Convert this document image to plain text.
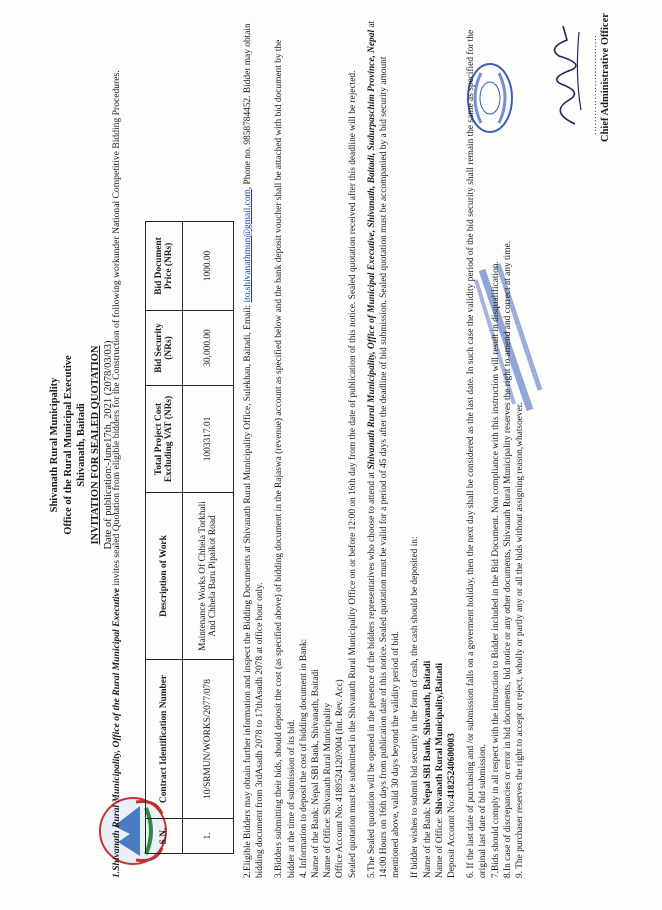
Shivanath Rural Municipality Office of the Rural Municipal Executive Shivanath, Baitadi INVITATION FOR SEALED QUOTATION Date of publication:-June17th, 2021 (2078/03/03)
1.Shivanath Rural Municipality, Office of the Rural Municipal Executive invites sealed Quotation from eligible bidders for the Construction of following workunder National Competitive Bidding Procedures.
S.N.	Contract Identification Number	Description of Work	Total Project Cost Excluding VAT (NRs)	Bid Security (NRs)	Bid Document Price (NRs)
1.	10/SRMUN/WORKS/2077/078	Maintenance Works Of Chhela Torkhali And Chhela Baru Pipalkot Road	1003317.01	30,000.00	1000.00

2.Eligible Bidders may obtain further information and inspect the Bidding Documents at Shivanath Rural Municipality Office, Sulekhan, Baitadi, Email: ito.shivanathmun@gmail.com, Phone no. 9858784452. Bidder may obtain bidding document from 3rdAsadh 2078 to 17thAsadh 2078 at office hour only. 3.Bidders submitting their bids, should deposit the cost (as specified above) of bidding document in the Rajaswa (revenue) account as specified below and the bank deposit voucher shall be attached with bid document by the bidder at the time of submission of its bid. 4. Information to deposit the cost of bidding document in Bank: Name of the Bank: Nepal SBI Bank, Shivanath, Baitadi Name of Office: Shivanath Rural Municipality Office Account No: 4189524120?004 (Int. Rev. Acc) Sealed quotation must be submitted in the Shivanath Rural Municipality Office on or before 12:00 on 16th day from the date of publication of this notice. Sealed quotation received after this deadline will be rejected. 5.The Sealed quotation will be opened in the presence of the bidders representatives who choose to attend at Shivanath Rural Municipality, Office of Municipal Executive, Shivanath, Baitadi, Sudurpaschim Province, Nepal at 14:00 Hours on 16th days from publication date of this notice. Sealed quotation must be valid for a period of 45 days after the deadline of bid submission. Sealed quotation must be accompanied by a bid security amount mentioned above, valid 30 days beyond the validity period of bid. If bidder wishes to submit bid security in the form of cash, the cash should be deposited in: Name of the Bank: Nepal SBI Bank, Shivanath, Baitadi

Name of Office: Shivanath Rural Municipality,Baitadi

Deposit Account No:41825240600003 6. If the last date of purchasing and /or submission falls on a goverment holiday, then the next day shall be considered as the last date. In such case the validity period of the bid security shall remain the same as specified for the original last date of bid submission. 7.Bids should comply in all respect with the instruction to Bidder included in the Bid Document. Non compliance with this instruction will result in disqualification. 8.In case of discrepancies or error in bid documents, bid notice or any other documents, Shivanath Rural Municipality reserves the right to amend and correct at any time. 9. The purchaser reserves the right to accept or reject, wholly or partly any or all the bids without assigning reason,whatsoever.

............................... Chief Administrative Officer
